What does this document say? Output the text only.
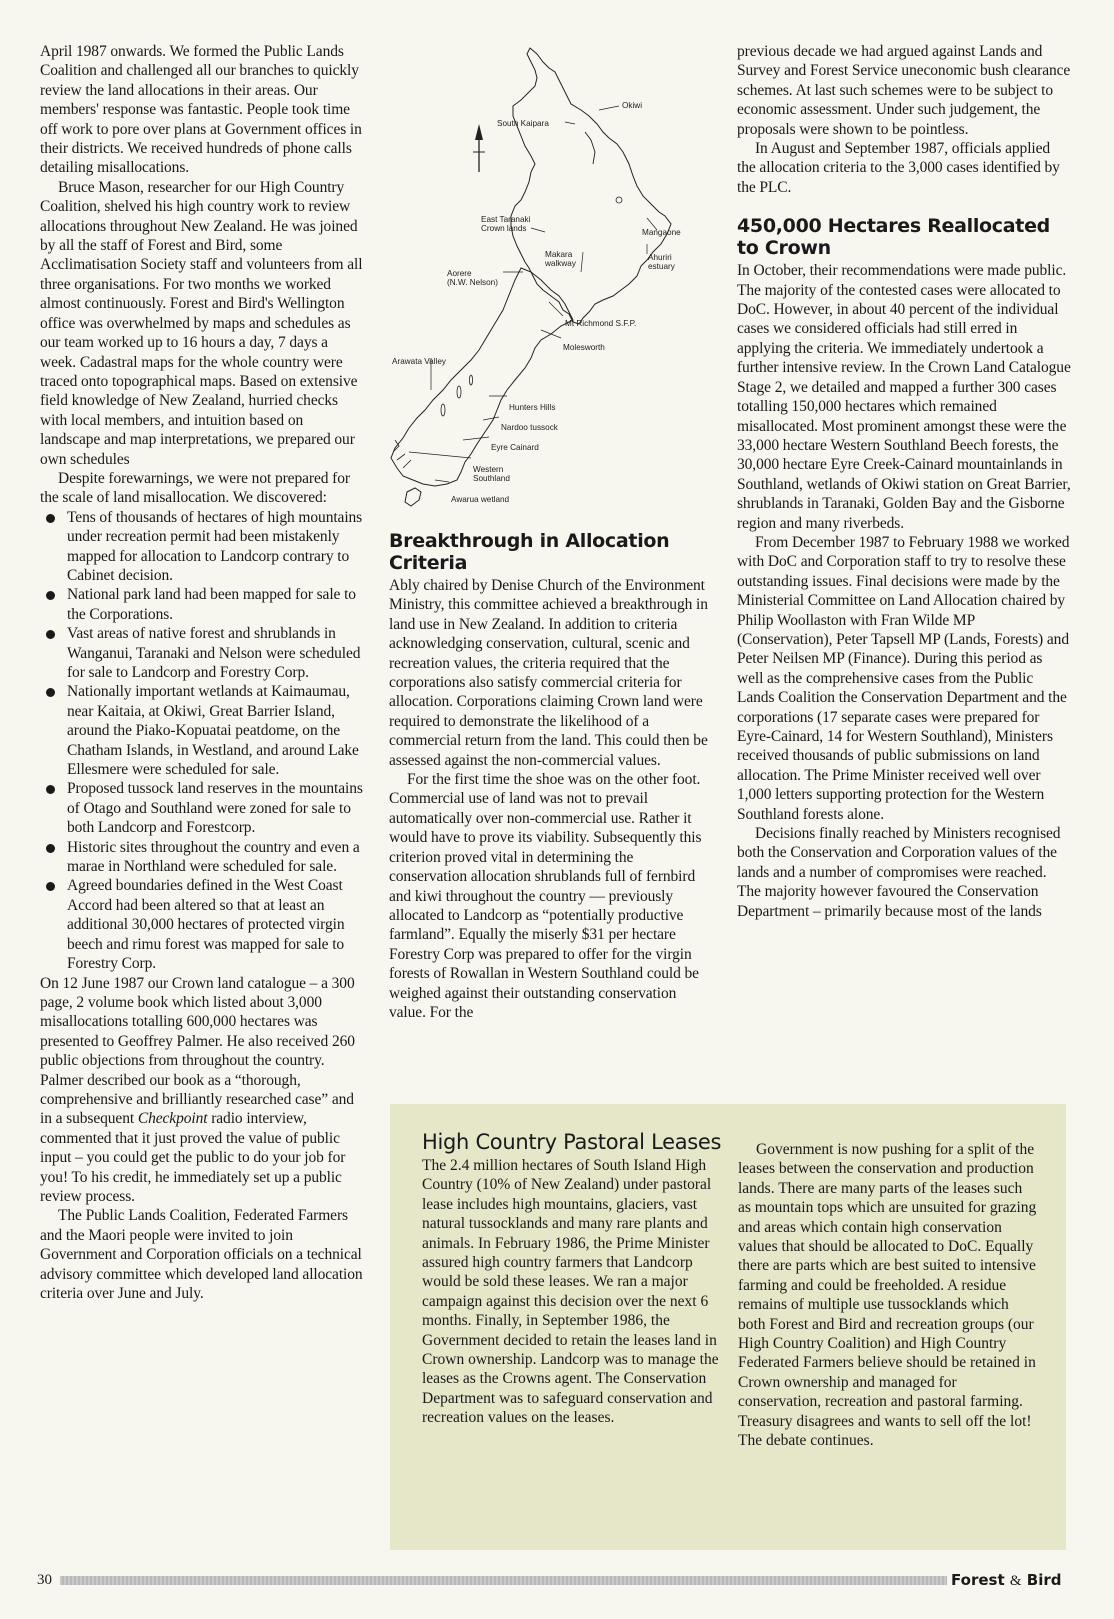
April 1987 onwards. We formed the Public Lands Coalition and challenged all our branches to quickly review the land allocations in their areas. Our members' response was fantastic. People took time off work to pore over plans at Government offices in their districts. We received hundreds of phone calls detailing misallocations.

Bruce Mason, researcher for our High Country Coalition, shelved his high country work to review allocations throughout New Zealand. He was joined by all the staff of Forest and Bird, some Acclimatisation Society staff and volunteers from all three organisations. For two months we worked almost continuously. Forest and Bird's Wellington office was overwhelmed by maps and schedules as our team worked up to 16 hours a day, 7 days a week. Cadastral maps for the whole country were traced onto topographical maps. Based on extensive field knowledge of New Zealand, hurried checks with local members, and intuition based on landscape and map interpretations, we prepared our own schedules

Despite forewarnings, we were not prepared for the scale of land misallocation. We discovered:

Tens of thousands of hectares of high mountains under recreation permit had been mistakenly mapped for allocation to Landcorp contrary to Cabinet decision.
National park land had been mapped for sale to the Corporations.
Vast areas of native forest and shrublands in Wanganui, Taranaki and Nelson were scheduled for sale to Landcorp and Forestry Corp.
Nationally important wetlands at Kaimaumau, near Kaitaia, at Okiwi, Great Barrier Island, around the Piako-Kopuatai peatdome, on the Chatham Islands, in Westland, and around Lake Ellesmere were scheduled for sale.
Proposed tussock land reserves in the mountains of Otago and Southland were zoned for sale to both Landcorp and Forestcorp.
Historic sites throughout the country and even a marae in Northland were scheduled for sale.
Agreed boundaries defined in the West Coast Accord had been altered so that at least an additional 30,000 hectares of protected virgin beech and rimu forest was mapped for sale to Forestry Corp.

On 12 June 1987 our Crown land catalogue – a 300 page, 2 volume book which listed about 3,000 misallocations totalling 600,000 hectares was presented to Geoffrey Palmer. He also received 260 public objections from throughout the country. Palmer described our book as a “thorough, comprehensive and brilliantly researched case” and in a subsequent Checkpoint radio interview, commented that it just proved the value of public input – you could get the public to do your job for you! To his credit, he immediately set up a public review process.

The Public Lands Coalition, Federated Farmers and the Maori people were invited to join Government and Corporation officials on a technical advisory committee which developed land allocation criteria over June and July.

Okiwi
South Kaipara
East Taranaki
Crown lands	Mangaone
Makara
walkway
Ahuriri
estuary
Aorere
(N.W. Nelson)
Mt Richmond S.F.P.
Molesworth
Arawata Valley
Hunters Hills
Nardoo tussock
Eyre Cainard
Western
Southland
Awarua wetland
Breakthrough in Allocation Criteria

Ably chaired by Denise Church of the Environment Ministry, this committee achieved a breakthrough in land use in New Zealand. In addition to criteria acknowledging conservation, cultural, scenic and recreation values, the criteria required that the corporations also satisfy commercial criteria for allocation. Corporations claiming Crown land were required to demonstrate the likelihood of a commercial return from the land. This could then be assessed against the non-commercial values.

For the first time the shoe was on the other foot. Commercial use of land was not to prevail automatically over non-commercial use. Rather it would have to prove its viability. Subsequently this criterion proved vital in determining the conservation allocation shrublands full of fernbird and kiwi throughout the country — previously allocated to Landcorp as “potentially productive farmland”. Equally the miserly $31 per hectare Forestry Corp was prepared to offer for the virgin forests of Rowallan in Western Southland could be weighed against their outstanding conservation value. For the

previous decade we had argued against Lands and Survey and Forest Service uneconomic bush clearance schemes. At last such schemes were to be subject to economic assessment. Under such judgement, the proposals were shown to be pointless.

In August and September 1987, officials applied the allocation criteria to the 3,000 cases identified by the PLC.

450,000 Hectares Reallocated to Crown

In October, their recommendations were made public. The majority of the contested cases were allocated to DoC. However, in about 40 percent of the individual cases we considered officials had still erred in applying the criteria. We immediately undertook a further intensive review. In the Crown Land Catalogue Stage 2, we detailed and mapped a further 300 cases totalling 150,000 hectares which remained misallocated. Most prominent amongst these were the 33,000 hectare Western Southland Beech forests, the 30,000 hectare Eyre Creek-Cainard mountainlands in Southland, wetlands of Okiwi station on Great Barrier, shrublands in Taranaki, Golden Bay and the Gisborne region and many riverbeds.

From December 1987 to February 1988 we worked with DoC and Corporation staff to try to resolve these outstanding issues. Final decisions were made by the Ministerial Committee on Land Allocation chaired by Philip Woollaston with Fran Wilde MP (Conservation), Peter Tapsell MP (Lands, Forests) and Peter Neilsen MP (Finance). During this period as well as the comprehensive cases from the Public Lands Coalition the Conservation Department and the corporations (17 separate cases were prepared for Eyre-Cainard, 14 for Western Southland), Ministers received thousands of public submissions on land allocation. The Prime Minister received well over 1,000 letters supporting protection for the Western Southland forests alone.

Decisions finally reached by Ministers recognised both the Conservation and Corporation values of the lands and a number of compromises were reached. The majority however favoured the Conservation Department – primarily because most of the lands

High Country Pastoral Leases

The 2.4 million hectares of South Island High Country (10% of New Zealand) under pastoral lease includes high mountains, glaciers, vast natural tussocklands and many rare plants and animals. In February 1986, the Prime Minister assured high country farmers that Landcorp would be sold these leases. We ran a major campaign against this decision over the next 6 months. Finally, in September 1986, the Government decided to retain the leases land in Crown ownership. Landcorp was to manage the leases as the Crowns agent. The Conservation Department was to safeguard conservation and recreation values on the leases.

Government is now pushing for a split of the leases between the conservation and production lands. There are many parts of the leases such as mountain tops which are unsuited for grazing and areas which contain high conservation values that should be allocated to DoC. Equally there are parts which are best suited to intensive farming and could be freeholded. A residue remains of multiple use tussocklands which both Forest and Bird and recreation groups (our High Country Coalition) and High Country Federated Farmers believe should be retained in Crown ownership and managed for conservation, recreation and pastoral farming. Treasury disagrees and wants to sell off the lot! The debate continues.

30	Forest & Bird
